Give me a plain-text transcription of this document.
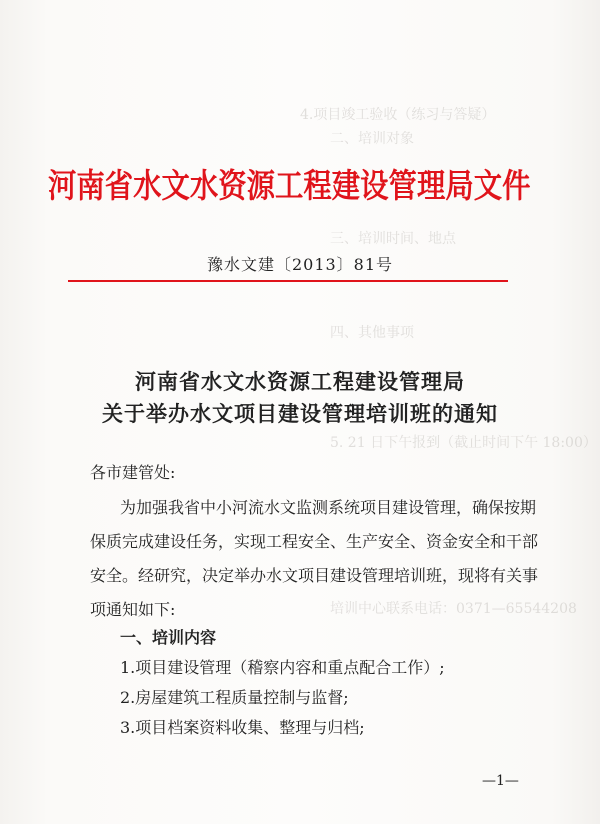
4.项目竣工验收（练习与答疑）
二、培训对象
三、培训时间、地点
四、其他事项
5. 21 日下午报到（截止时间下午 18:00）
培训中心联系电话：0371—65544208
河南省水文水资源工程建设管理局文件
豫水文建〔2013〕81号
河南省水文水资源工程建设管理局
关于举办水文项目建设管理培训班的通知
各市建管处:
为加强我省中小河流水文监测系统项目建设管理，确保按期
保质完成建设任务，实现工程安全、生产安全、资金安全和干部
安全。经研究，决定举办水文项目建设管理培训班，现将有关事
项通知如下:
一、培训内容
1.项目建设管理（稽察内容和重点配合工作）;
2.房屋建筑工程质量控制与监督;
3.项目档案资料收集、整理与归档;
—1—
